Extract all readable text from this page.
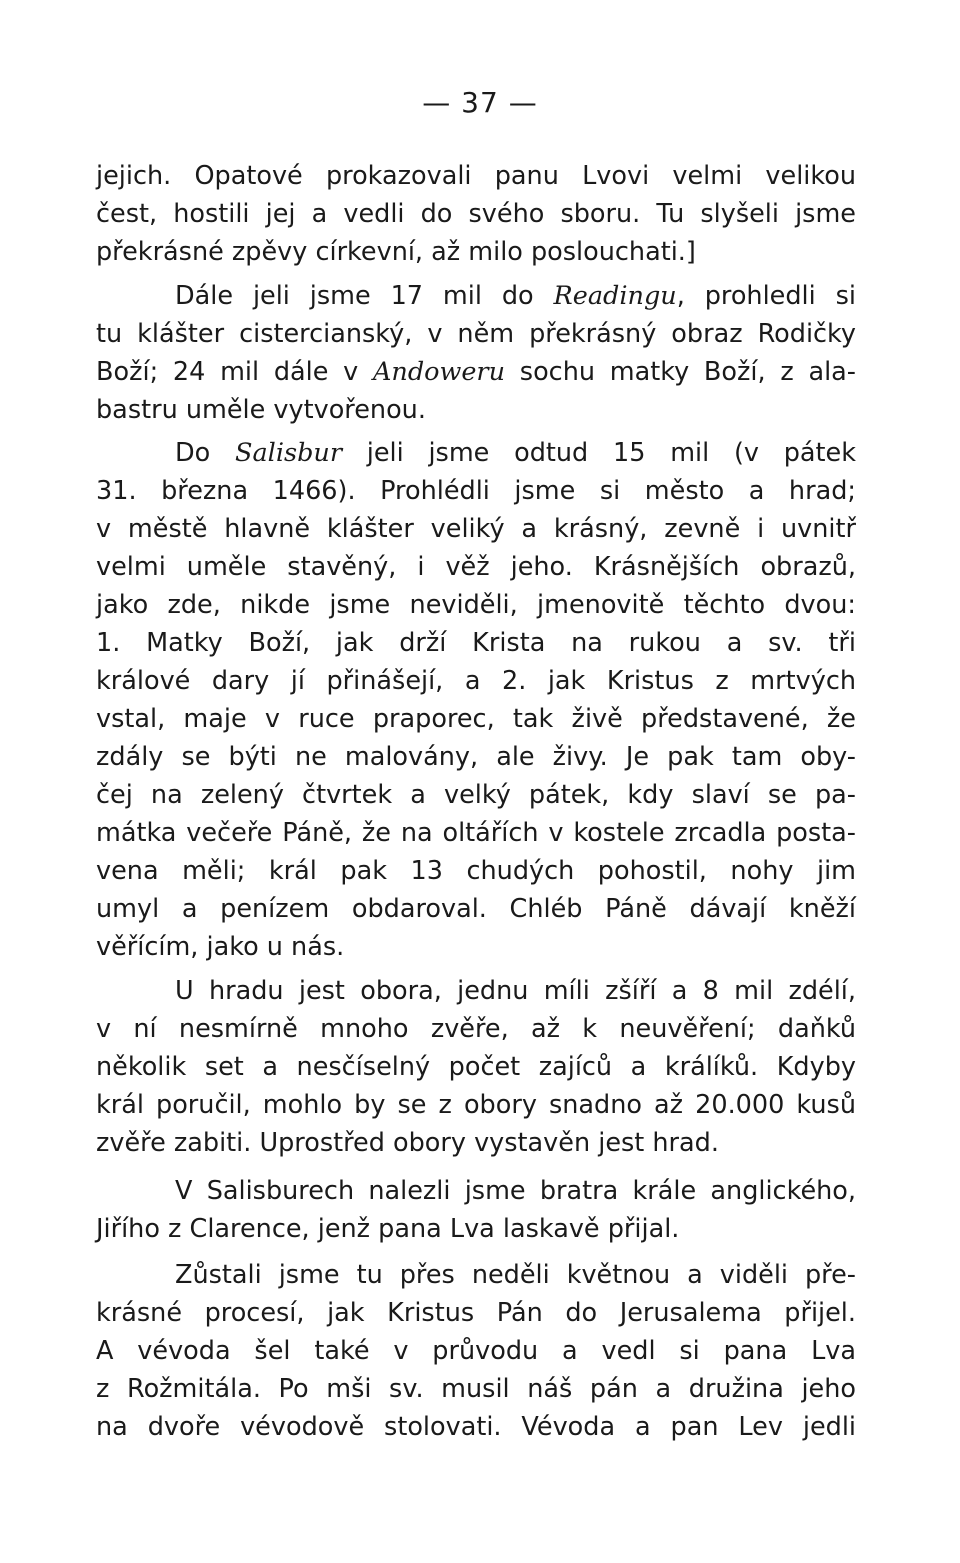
— 37 —
jejich. Opatové prokazovali panu Lvovi velmi velikou
čest, hostili jej a vedli do svého sboru. Tu slyšeli jsme
překrásné zpěvy církevní, až milo poslouchati.]
Dále jeli jsme 17 mil do Readingu, prohledli si
tu klášter cisterciansk‎ý, v něm překrásný obraz Rodičky
Boží; 24 mil dále v Andoweru sochu matky Boží, z ala-
bastru uměle vytvořenou.
Do Salisbur jeli jsme odtud 15 mil (v pátek
31. března 1466). Prohlédli jsme si město a hrad;
v městě hlavně klášter veliký a krásný, zevně i uvnitř
velmi uměle stavěný, i věž jeho. Krásnějších obrazů,
jako zde, nikde jsme neviděli, jmenovitě těchto dvou:
1. Matky Boží, jak drží Krista na rukou a sv. tři
králové dary jí přinášejí, a 2. jak Kristus z mrtvých
vstal, maje v ruce praporec, tak živě představené, že
zdály se býti ne malovány, ale živy. Je pak tam oby-
čej na zelený čtvrtek a velký pátek, kdy slaví se pa-
mátka večeře Páně, že na oltářích v kostele zrcadla posta-
vena měli; král pak 13 chudých pohostil, nohy jim
umyl a penízem obdaroval. Chléb Páně dávají kněží
věřícím, jako u nás.
U hradu jest obora, jednu míli zšíří a 8 mil zdélí,
v ní nesmírně mnoho zvěře, až k neuvěření; daňků
několik set a nesčíselný počet zajíců a králíků. Kdyby
král poručil, mohlo by se z obory snadno až 20.000 kusů
zvěře zabiti. Uprostřed obory vystavěn jest hrad.
V Salisburech nalezli jsme bratra krále anglického,
Jiřího z Clarence, jenž pana Lva laskavě přijal.
Zůstali jsme tu přes neděli květnou a viděli pře-
krásné procesí, jak Kristus Pán do Jerusalema přijel.
A vévoda šel také v průvodu a vedl si pana Lva
z Rožmitála. Po mši sv. musil náš pán a družina jeho
na dvoře vévodově stolovati. Vévoda a pan Lev jedli
